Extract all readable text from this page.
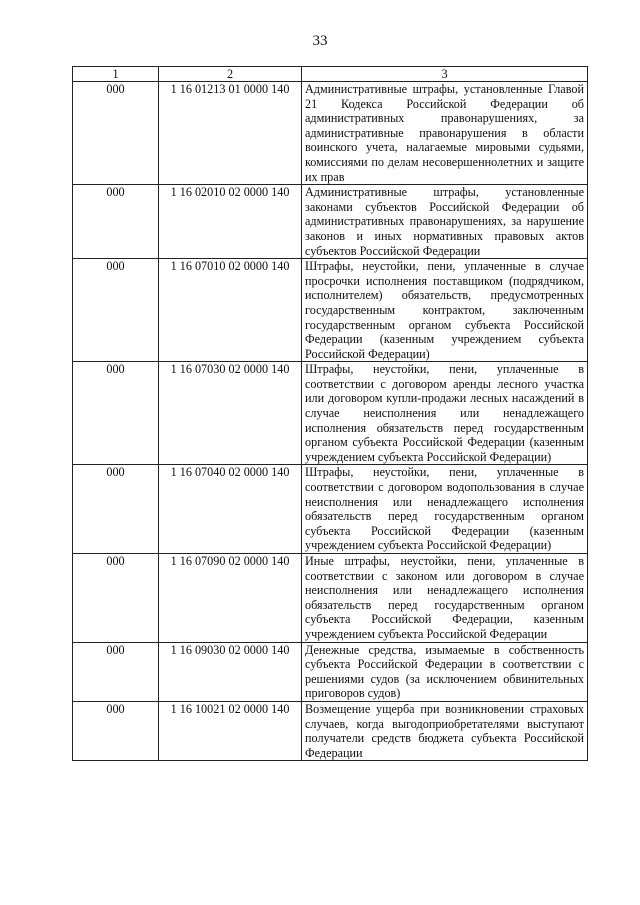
33
1	2	3
000	1 16 01213 01 0000 140	Административные штрафы, установленные Главой 21 Кодекса Российской Федерации об административных правонарушениях, за административные правонарушения в области воинского учета, налагаемые мировыми судьями, комиссиями по делам несовершеннолетних и защите их прав
000	1 16 02010 02 0000 140	Административные штрафы, установленные законами субъектов Российской Федерации об административных правонарушениях, за нарушение законов и иных нормативных правовых актов субъектов Российской Федерации
000	1 16 07010 02 0000 140	Штрафы, неустойки, пени, уплаченные в случае просрочки исполнения поставщиком (подрядчиком, исполнителем) обязательств, предусмотренных государственным контрактом, заключенным государственным органом субъекта Российской Федерации (казенным учреждением субъекта Российской Федерации)
000	1 16 07030 02 0000 140	Штрафы, неустойки, пени, уплаченные в соответствии с договором аренды лесного участка или договором купли-продажи лесных насаждений в случае неисполнения или ненадлежащего исполнения обязательств перед государственным органом субъекта Российской Федерации (казенным учреждением субъекта Российской Федерации)
000	1 16 07040 02 0000 140	Штрафы, неустойки, пени, уплаченные в соответствии с договором водопользования в случае неисполнения или ненадлежащего исполнения обязательств перед государственным органом субъекта Российской Федерации (казенным учреждением субъекта Российской Федерации)
000	1 16 07090 02 0000 140	Иные штрафы, неустойки, пени, уплаченные в соответствии с законом или договором в случае неисполнения или ненадлежащего исполнения обязательств перед государственным органом субъекта Российской Федерации, казенным учреждением субъекта Российской Федерации
000	1 16 09030 02 0000 140	Денежные средства, изымаемые в собственность субъекта Российской Федерации в соответствии с решениями судов (за исключением обвинительных приговоров судов)
000	1 16 10021 02 0000 140	Возмещение ущерба при возникновении страховых случаев, когда выгодоприобретателями выступают получатели средств бюджета субъекта Российской Федерации
